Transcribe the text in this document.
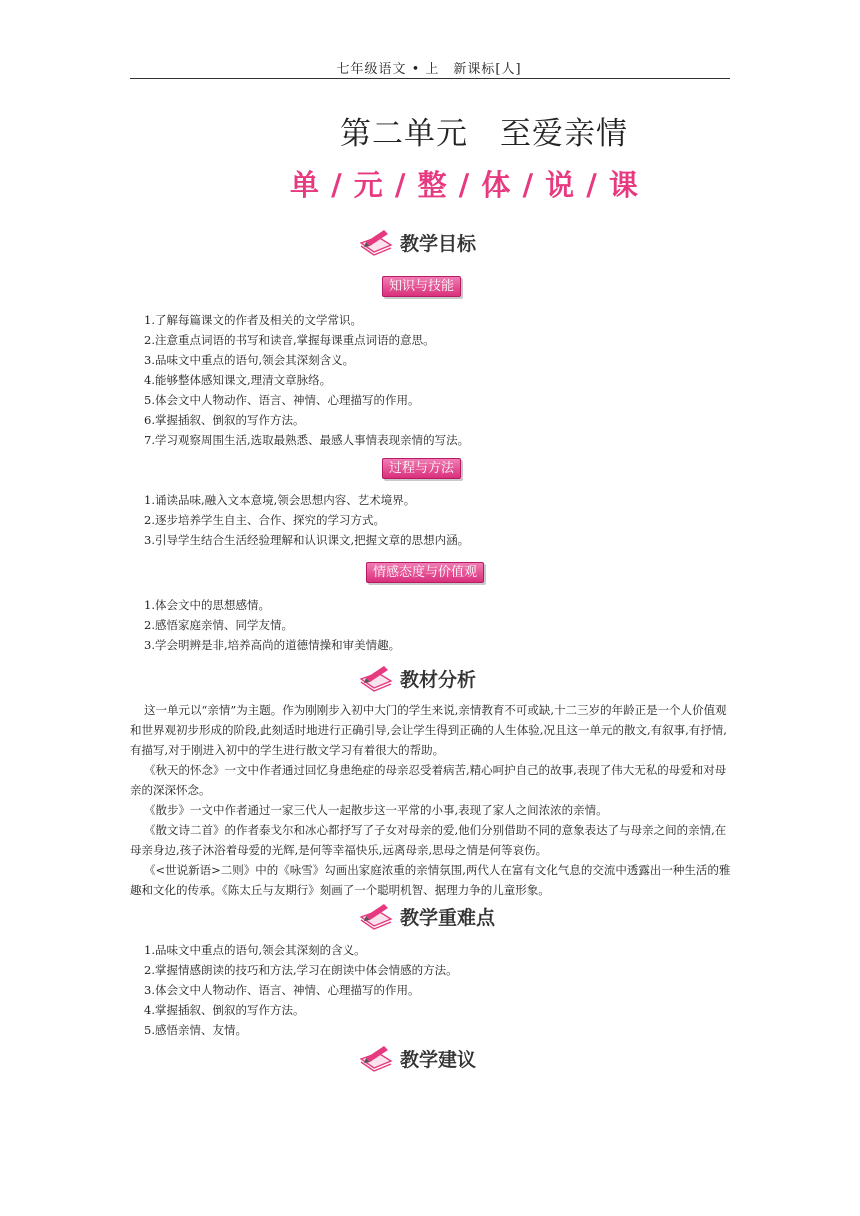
七年级语文 • 上　新课标[人]
第二单元　至爱亲情
单 / 元 / 整 / 体 / 说 / 课
教学目标
知识与技能
1.了解每篇课文的作者及相关的文学常识。
2.注意重点词语的书写和读音,掌握每课重点词语的意思。
3.品味文中重点的语句,领会其深刻含义。
4.能够整体感知课文,理清文章脉络。
5.体会文中人物动作、语言、神情、心理描写的作用。
6.掌握插叙、倒叙的写作方法。
7.学习观察周围生活,选取最熟悉、最感人事情表现亲情的写法。
过程与方法
1.诵读品味,融入文本意境,领会思想内容、艺术境界。
2.逐步培养学生自主、合作、探究的学习方式。
3.引导学生结合生活经验理解和认识课文,把握文章的思想内涵。
情感态度与价值观
1.体会文中的思想感情。
2.感悟家庭亲情、同学友情。
3.学会明辨是非,培养高尚的道德情操和审美情趣。
教材分析

这一单元以“亲情”为主题。作为刚刚步入初中大门的学生来说,亲情教育不可或缺,十二三岁的年龄正是一个人价值观和世界观初步形成的阶段,此刻适时地进行正确引导,会让学生得到正确的人生体验,况且这一单元的散文,有叙事,有抒情,有描写,对于刚进入初中的学生进行散文学习有着很大的帮助。

《秋天的怀念》一文中作者通过回忆身患绝症的母亲忍受着病苦,精心呵护自己的故事,表现了伟大无私的母爱和对母亲的深深怀念。

《散步》一文中作者通过一家三代人一起散步这一平常的小事,表现了家人之间浓浓的亲情。

《散文诗二首》的作者泰戈尔和冰心都抒写了子女对母亲的爱,他们分别借助不同的意象表达了与母亲之间的亲情,在母亲身边,孩子沐浴着母爱的光辉,是何等幸福快乐,远离母亲,思母之情是何等哀伤。

《<世说新语>二则》中的《咏雪》勾画出家庭浓重的亲情氛围,两代人在富有文化气息的交流中透露出一种生活的雅趣和文化的传承。《陈太丘与友期行》刻画了一个聪明机智、据理力争的儿童形象。

教学重难点
1.品味文中重点的语句,领会其深刻的含义。
2.掌握情感朗读的技巧和方法,学习在朗读中体会情感的方法。
3.体会文中人物动作、语言、神情、心理描写的作用。
4.掌握插叙、倒叙的写作方法。
5.感悟亲情、友情。
教学建议
